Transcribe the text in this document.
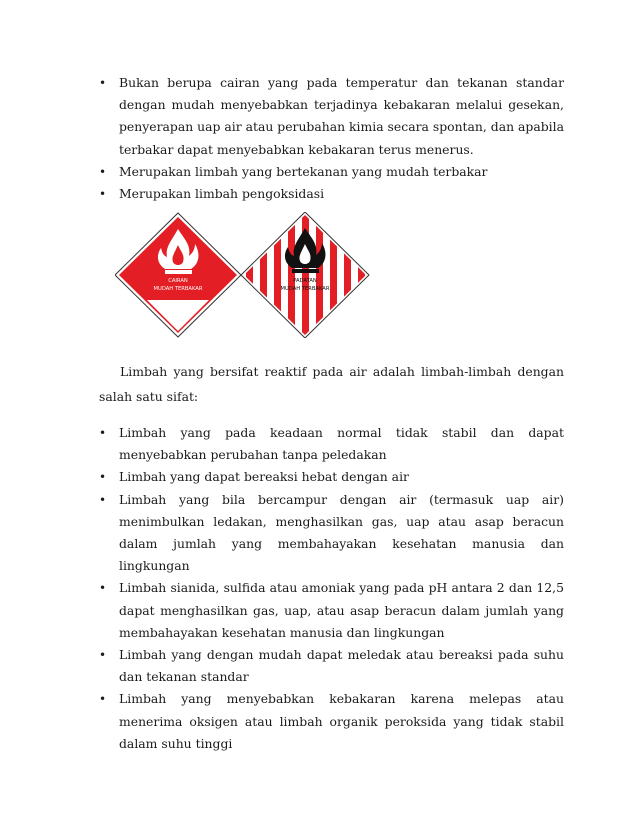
• Bukan berupa cairan yang pada temperatur dan tekanan standar dengan mudah menyebabkan terjadinya kebakaran melalui gesekan, penyerapan uap air atau perubahan kimia secara spontan, dan apabila terbakar dapat menyebabkan kebakaran terus menerus.
• Merupakan limbah yang bertekanan yang mudah terbakar
• Merupakan limbah pengoksidasi
CAIRAN
MUDAH TERBAKAR
PADATAN
MUDAH TERBAKAR
Limbah yang bersifat reaktif pada air adalah limbah-limbah dengan salah satu sifat:
• Limbah yang pada keadaan normal tidak stabil dan dapat menyebabkan perubahan tanpa peledakan
• Limbah yang dapat bereaksi hebat dengan air
• Limbah yang bila bercampur dengan air (termasuk uap air) menimbulkan ledakan, menghasilkan gas, uap atau asap beracun dalam jumlah yang membahayakan kesehatan manusia dan lingkungan
• Limbah sianida, sulfida atau amoniak yang pada pH antara 2 dan 12,5 dapat menghasilkan gas, uap, atau asap beracun dalam jumlah yang membahayakan kesehatan manusia dan lingkungan
• Limbah yang dengan mudah dapat meledak atau bereaksi pada suhu dan tekanan standar
• Limbah yang menyebabkan kebakaran karena melepas atau menerima oksigen atau limbah organik peroksida yang tidak stabil dalam suhu tinggi
